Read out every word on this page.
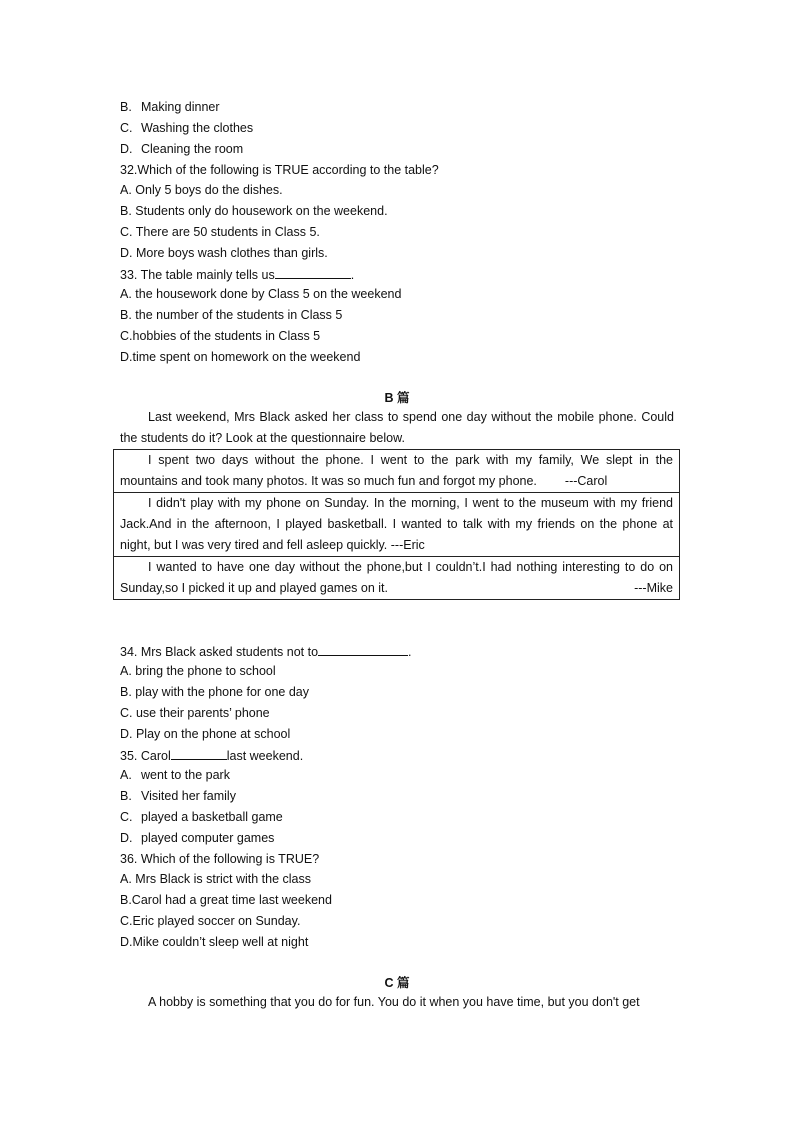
B. Making dinner
C. Washing the clothes
D. Cleaning the room
32.Which of the following is TRUE according to the table?
A. Only 5 boys do the dishes.
B. Students only do housework on the weekend.
C. There are 50 students in Class 5.
D. More boys wash clothes than girls.
33. The table mainly tells us	.
A. the housework done by Class 5 on the weekend
B. the number of the students in Class 5
C.hobbies of the students in Class 5
D.time spent on homework on the weekend
B 篇
Last weekend, Mrs Black asked her class to spend one day without the mobile phone. Could the students do it? Look at the questionnaire below.
I spent two days without the phone. I went to the park with my family, We slept in the mountains and took many photos. It was so much fun and forgot my phone. ---Carol
I didn't play with my phone on Sunday. In the morning, I went to the museum with my friend Jack.And in the afternoon, I played basketball. I wanted to talk with my friends on the phone at night, but I was very tired and fell asleep quickly. ---Eric
I wanted to have one day without the phone,but I couldn’t.I had nothing interesting to do on Sunday,so I picked it up and played games on it.	---Mike
34. Mrs Black asked students not to	.
A. bring the phone to school
B. play with the phone for one day
C. use their parents’ phone
D. Play on the phone at school
35. Carol	last weekend.
A. went to the park
B. Visited her family
C. played a basketball game
D. played computer games
36. Which of the following is TRUE?
A. Mrs Black is strict with the class
B.Carol had a great time last weekend
C.Eric played soccer on Sunday.
D.Mike couldn’t sleep well at night
C 篇
A hobby is something that you do for fun. You do it when you have time, but you don't get
